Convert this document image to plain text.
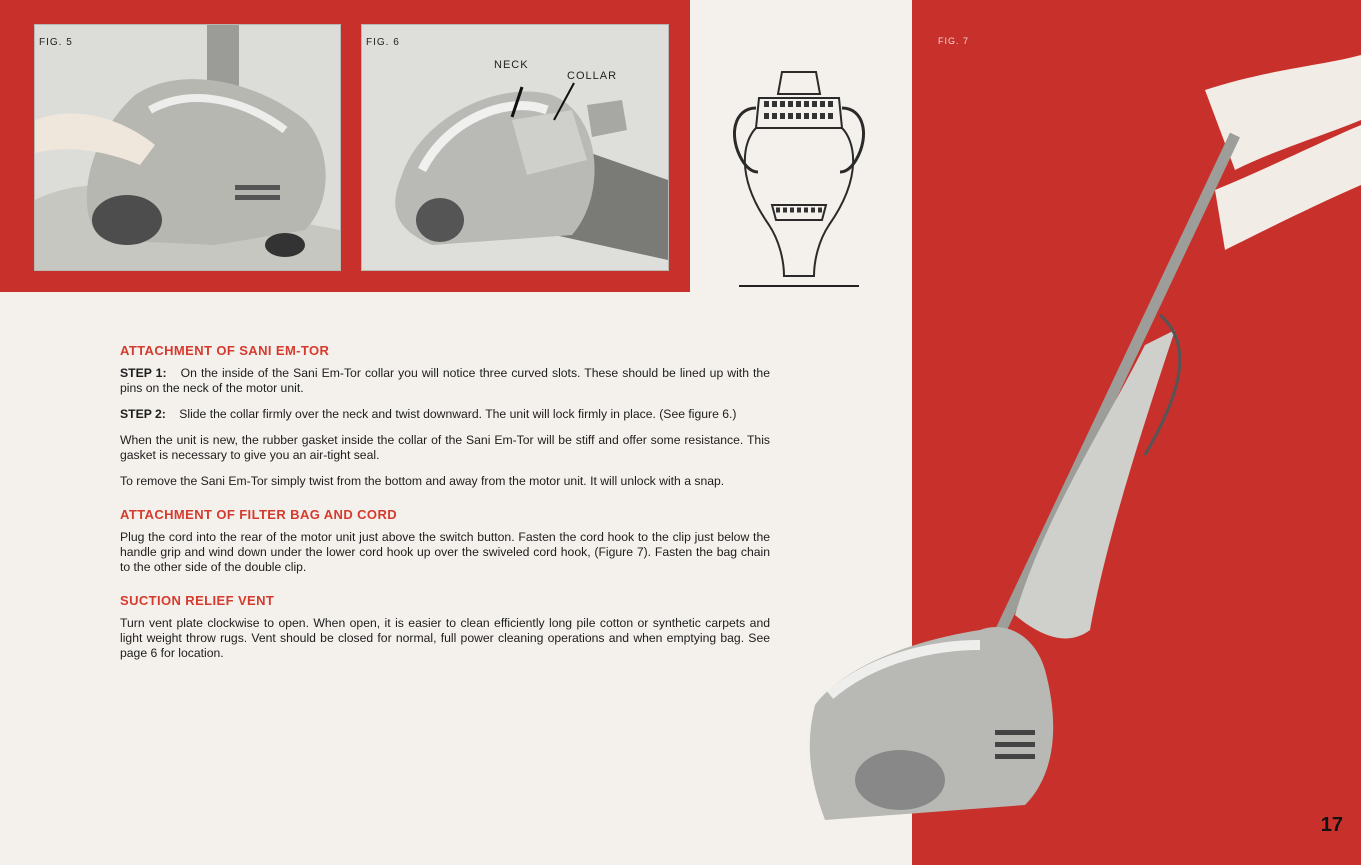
FIG. 5	FIG. 6
NECK
COLLAR
FIG. 7
17
ATTACHMENT OF SANI EM-TOR

STEP 1: On the inside of the Sani Em-Tor collar you will notice three curved slots. These should be lined up with the pins on the neck of the motor unit.

STEP 2: Slide the collar firmly over the neck and twist downward. The unit will lock firmly in place. (See figure 6.)

When the unit is new, the rubber gasket inside the collar of the Sani Em-Tor will be stiff and offer some resistance. This gasket is necessary to give you an air-tight seal.

To remove the Sani Em-Tor simply twist from the bottom and away from the motor unit. It will unlock with a snap.

ATTACHMENT OF FILTER BAG AND CORD

Plug the cord into the rear of the motor unit just above the switch button. Fasten the cord hook to the clip just below the handle grip and wind down under the lower cord hook up over the swiveled cord hook, (Figure 7). Fasten the bag chain to the other side of the double clip.

SUCTION RELIEF VENT

Turn vent plate clockwise to open. When open, it is easier to clean efficiently long pile cotton or synthetic carpets and light weight throw rugs. Vent should be closed for normal, full power cleaning operations and when emptying bag. See page 6 for location.
